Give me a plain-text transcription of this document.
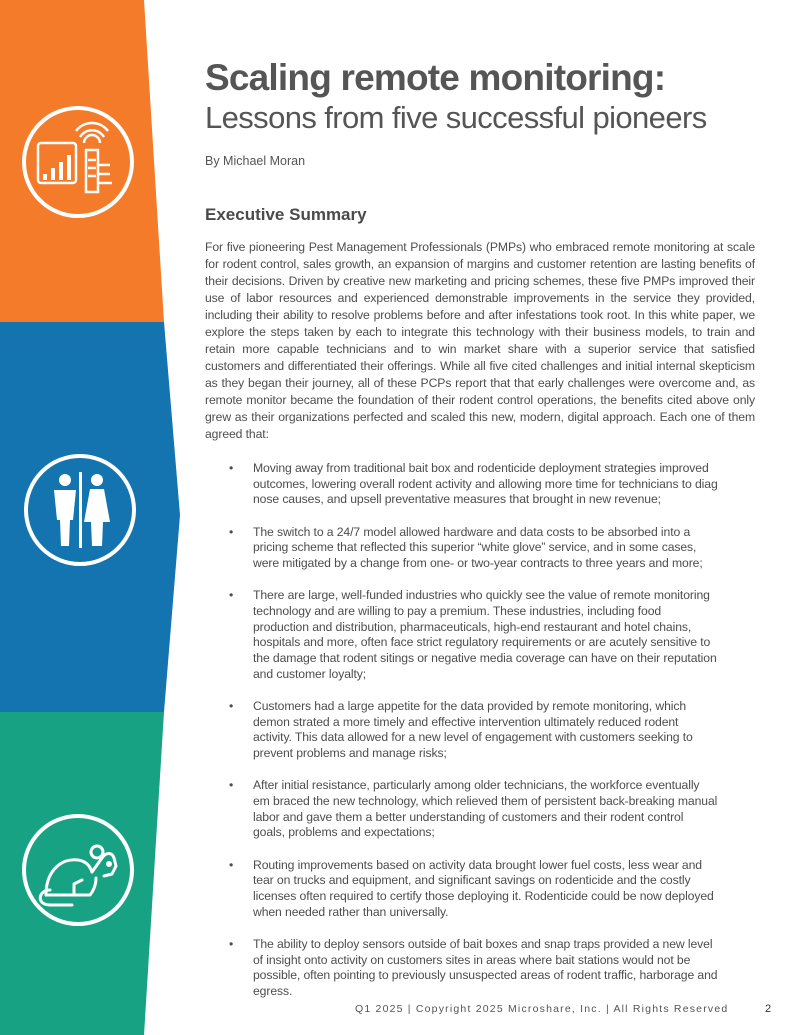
Scaling remote monitoring:
Lessons from five successful pioneers
By Michael Moran
Executive Summary

For five pioneering Pest Management Professionals (PMPs) who embraced remote monitoring at scale for rodent control, sales growth, an expansion of margins and customer retention are lasting benefits of their decisions. Driven by creative new marketing and pricing schemes, these five PMPs improved their use of labor resources and experienced demonstrable improvements in the service they provided, including their ability to resolve problems before and after infestations took root. In this white paper, we explore the steps taken by each to integrate this technology with their business models, to train and retain more capable technicians and to win market share with a superior service that satisfied customers and differentiated their offerings. While all five cited challenges and initial internal skepticism as they began their journey, all of these PCPs report that that early challenges were overcome and, as remote monitor became the foundation of their rodent control operations, the benefits cited above only grew as their organizations perfected and scaled this new, modern, digital approach. Each one of them agreed that:

• Moving away from traditional bait box and rodenticide deployment strategies improved outcomes, lowering overall rodent activity and allowing more time for technicians to diag nose causes, and upsell preventative measures that brought in new revenue;
• The switch to a 24/7 model allowed hardware and data costs to be absorbed into a pricing scheme that reflected this superior “white glove” service, and in some cases, were mitigated by a change from one- or two-year contracts to three years and more;
• There are large, well-funded industries who quickly see the value of remote monitoring technology and are willing to pay a premium. These industries, including food production and distribution, pharmaceuticals, high-end restaurant and hotel chains, hospitals and more, often face strict regulatory requirements or are acutely sensitive to the damage that rodent sitings or negative media coverage can have on their reputation and customer loyalty;
• Customers had a large appetite for the data provided by remote monitoring, which demon strated a more timely and effective intervention ultimately reduced rodent activity. This data allowed for a new level of engagement with customers seeking to prevent problems and manage risks;
• After initial resistance, particularly among older technicians, the workforce eventually em braced the new technology, which relieved them of persistent back-breaking manual labor and gave them a better understanding of customers and their rodent control goals, problems and expectations;
• Routing improvements based on activity data brought lower fuel costs, less wear and tear on trucks and equipment, and significant savings on rodenticide and the costly licenses often required to certify those deploying it. Rodenticide could be now deployed when needed rather than universally.
• The ability to deploy sensors outside of bait boxes and snap traps provided a new level of insight onto activity on customers sites in areas where bait stations would not be possible, often pointing to previously unsuspected areas of rodent traffic, harborage and egress.
Q1 2025 | Copyright 2025 Microshare, Inc. | All Rights Reserved	2
